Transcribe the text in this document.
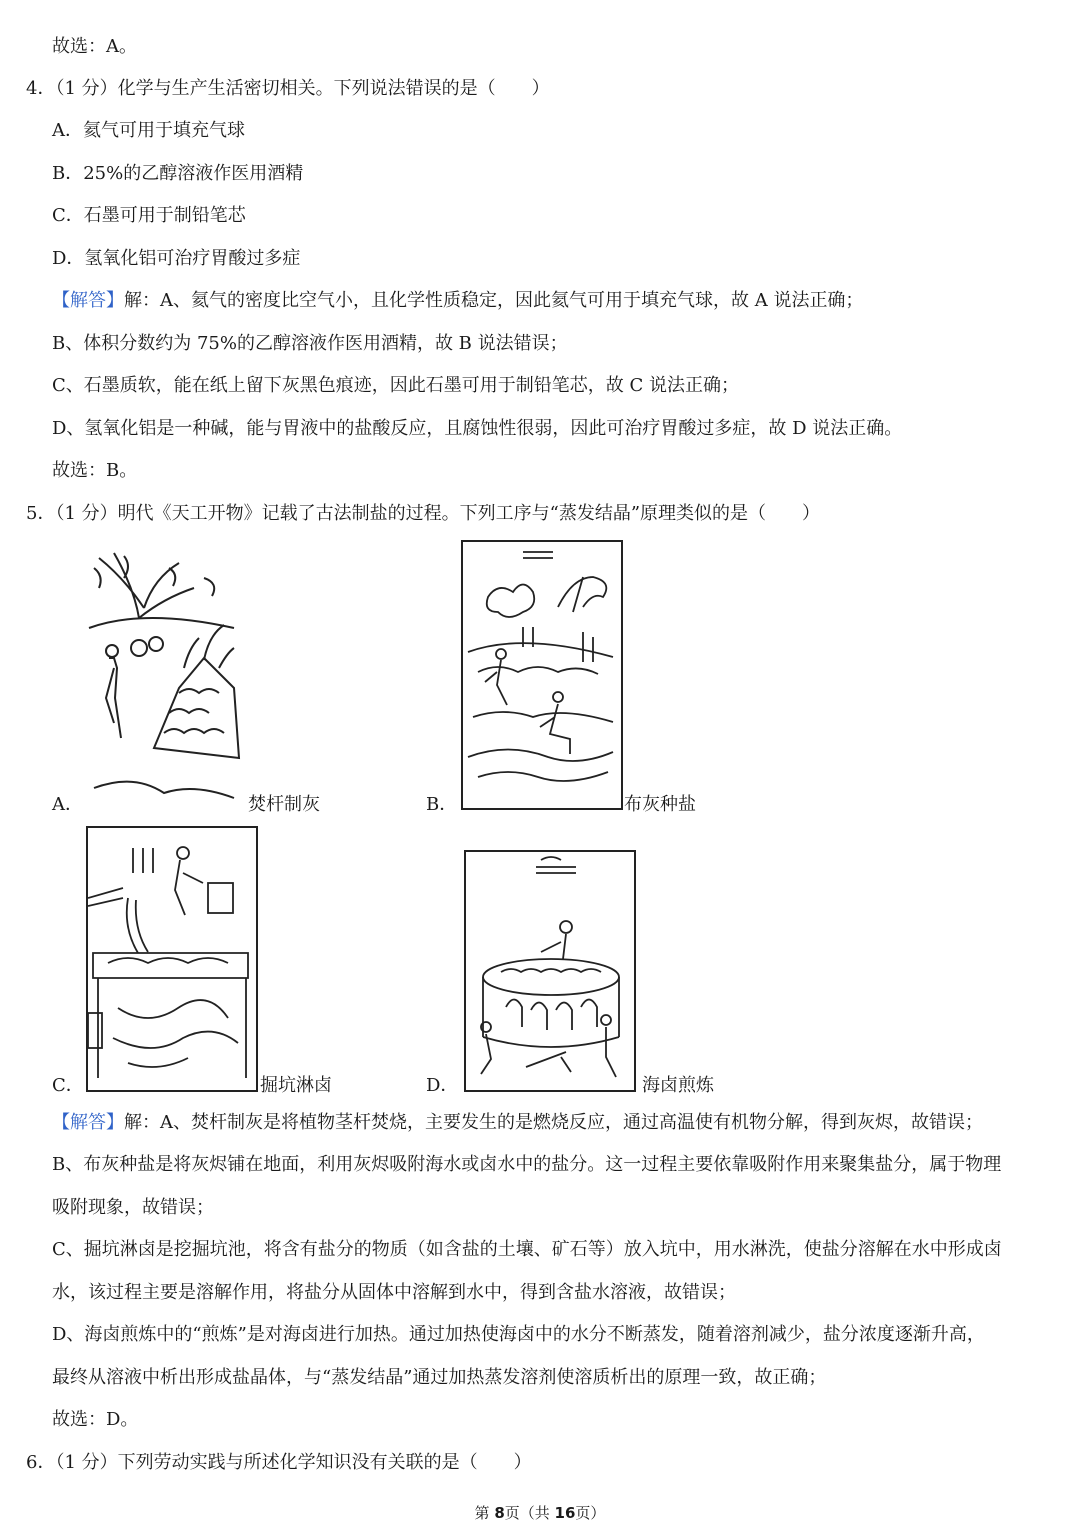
故选：A。
4．（1 分）化学与生产生活密切相关。下列说法错误的是（　　）
A．氦气可用于填充气球
B．25%的乙醇溶液作医用酒精
C．石墨可用于制铅笔芯
D．氢氧化铝可治疗胃酸过多症
【解答】解：A、氦气的密度比空气小，且化学性质稳定，因此氦气可用于填充气球，故 A 说法正确；
B、体积分数约为 75%的乙醇溶液作医用酒精，故 B 说法错误；
C、石墨质软，能在纸上留下灰黑色痕迹，因此石墨可用于制铅笔芯，故 C 说法正确；
D、氢氧化铝是一种碱，能与胃液中的盐酸反应，且腐蚀性很弱，因此可治疗胃酸过多症，故 D 说法正确。
故选：B。
5．（1 分）明代《天工开物》记载了古法制盐的过程。下列工序与“蒸发结晶”原理类似的是（　　）
A．	焚杆制灰	B．	布灰种盐
C．	掘坑淋卤	D．	海卤煎炼
【解答】解：A、焚杆制灰是将植物茎杆焚烧，主要发生的是燃烧反应，通过高温使有机物分解，得到灰烬，故错误；
B、布灰种盐是将灰烬铺在地面，利用灰烬吸附海水或卤水中的盐分。这一过程主要依靠吸附作用来聚集盐分，属于物理
吸附现象，故错误；
C、掘坑淋卤是挖掘坑池，将含有盐分的物质（如含盐的土壤、矿石等）放入坑中，用水淋洗，使盐分溶解在水中形成卤
水，该过程主要是溶解作用，将盐分从固体中溶解到水中，得到含盐水溶液，故错误；
D、海卤煎炼中的“煎炼”是对海卤进行加热。通过加热使海卤中的水分不断蒸发，随着溶剂减少，盐分浓度逐渐升高，
最终从溶液中析出形成盐晶体，与“蒸发结晶”通过加热蒸发溶剂使溶质析出的原理一致，故正确；
故选：D。
6．（1 分）下列劳动实践与所述化学知识没有关联的是（　　）
第 8页（共 16页）
